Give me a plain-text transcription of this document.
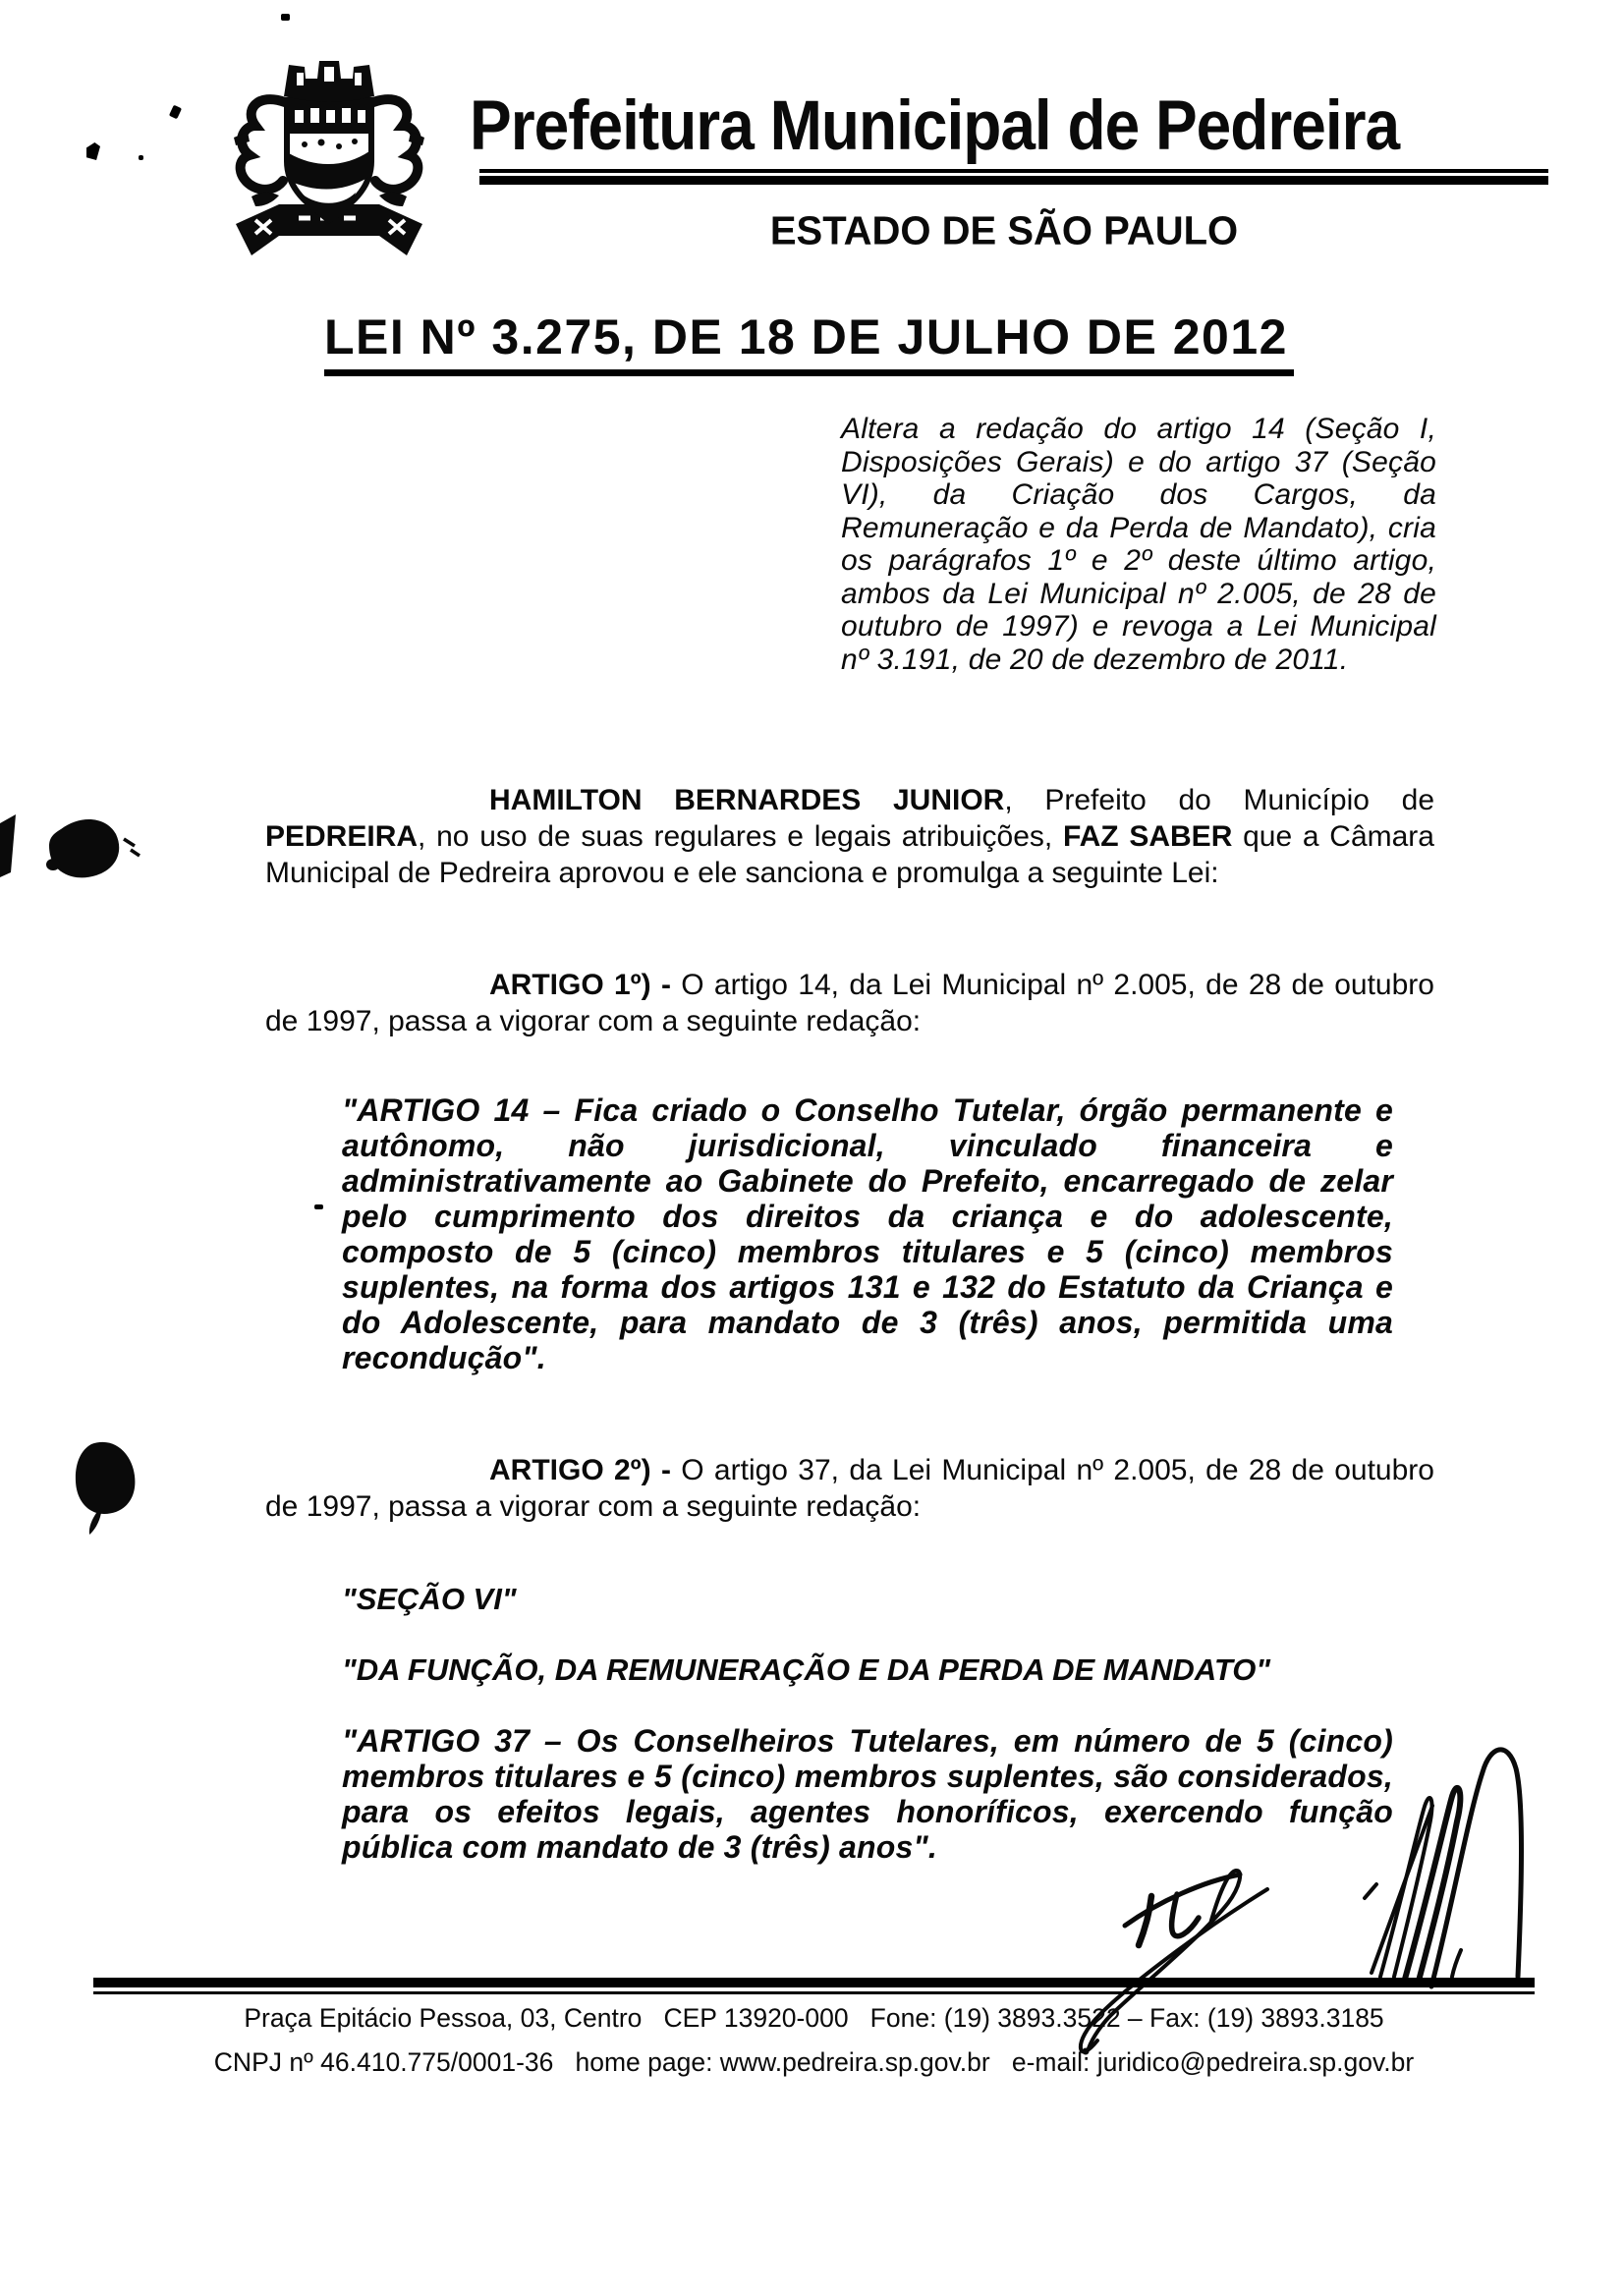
Prefeitura Municipal de Pedreira
ESTADO DE SÃO PAULO
LEI Nº 3.275, DE 18 DE JULHO DE 2012

Altera a redação do artigo 14 (Seção I, Disposições Gerais) e do artigo 37 (Seção VI), da Criação dos Cargos, da Remuneração e da Perda de Mandato), cria os parágrafos 1º e 2º deste último artigo, ambos da Lei Municipal nº 2.005, de 28 de outubro de 1997) e revoga a Lei Municipal nº 3.191, de 20 de dezembro de 2011.

HAMILTON BERNARDES JUNIOR, Prefeito do Município de PEDREIRA, no uso de suas regulares e legais atribuições, FAZ SABER que a Câmara Municipal de Pedreira aprovou e ele sanciona e promulga a seguinte Lei:

ARTIGO 1º) - O artigo 14, da Lei Municipal nº 2.005, de 28 de outubro de 1997, passa a vigorar com a seguinte redação:

"ARTIGO 14 – Fica criado o Conselho Tutelar, órgão permanente e autônomo, não jurisdicional, vinculado financeira e administrativamente ao Gabinete do Prefeito, encarregado de zelar pelo cumprimento dos direitos da criança e do adolescente, composto de 5 (cinco) membros titulares e 5 (cinco) membros suplentes, na forma dos artigos 131 e 132 do Estatuto da Criança e do Adolescente, para mandato de 3 (três) anos, permitida uma recondução".

ARTIGO 2º) - O artigo 37, da Lei Municipal nº 2.005, de 28 de outubro de 1997, passa a vigorar com a seguinte redação:

"SEÇÃO VI"

"DA FUNÇÃO, DA REMUNERAÇÃO E DA PERDA DE MANDATO"

"ARTIGO 37 – Os Conselheiros Tutelares, em número de 5 (cinco) membros titulares e 5 (cinco) membros suplentes, são considerados, para os efeitos legais, agentes honoríficos, exercendo função pública com mandato de 3 (três) anos".

Praça Epitácio Pessoa, 03, Centro   CEP 13920-000   Fone: (19) 3893.3522 – Fax: (19) 3893.3185
CNPJ nº 46.410.775/0001-36   home page: www.pedreira.sp.gov.br   e-mail: juridico@pedreira.sp.gov.br
